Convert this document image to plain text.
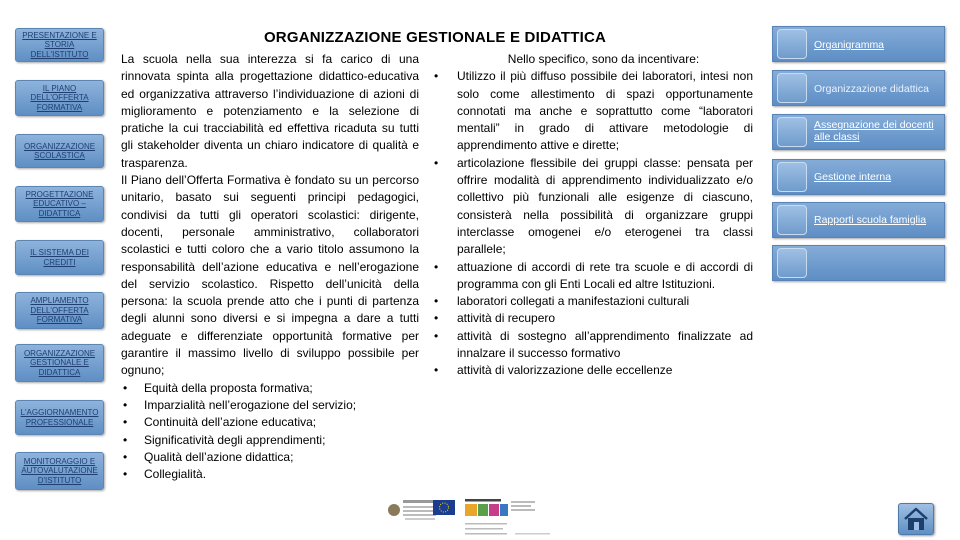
PRESENTAZIONE E STORIA DELL'ISTITUTO
IL PIANO DELL'OFFERTA FORMATIVA
ORGANIZZAZIONE SCOLASTICA
PROGETTAZIONE EDUCATIVO – DIDATTICA
IL SISTEMA DEI CREDITI
AMPLIAMENTO DELL'OFFERTA FORMATIVA
ORGANIZZAZIONE GESTIONALE E DIDATTICA
L'AGGIORNAMENTO PROFESSIONALE
MONITORAGGIO E AUTOVALUTAZIONE D'ISTITUTO
ORGANIZZAZIONE GESTIONALE E DIDATTICA

La scuola nella sua interezza si fa carico di una rinnovata spinta alla progettazione didattico-educativa ed organizzativa attraverso l’individuazione di azioni di miglioramento e potenziamento e la selezione di pratiche la cui tracciabilità ed effettiva ricaduta su tutti gli stakeholder diventa un chiaro indicatore di qualità e trasparenza.

Il Piano dell’Offerta Formativa è fondato su un percorso unitario, basato sui seguenti principi pedagogici, condivisi da tutti gli operatori scolastici: dirigente, docenti, personale amministrativo, collaboratori scolastici e tutti coloro che a vario titolo assumono la responsabilità dell’azione educativa e nell’erogazione del servizio scolastico. Rispetto dell’unicità della persona: la scuola prende atto che i punti di partenza degli alunni sono diversi e si impegna a dare a tutti adeguate e differenziate opportunità formative per garantire il massimo livello di sviluppo possibile per ognuno;

• Equità della proposta formativa;
• Imparzialità nell’erogazione del servizio;
• Continuità dell’azione educativa;
• Significatività degli apprendimenti;
• Qualità dell’azione didattica;
• Collegialità.

Nello specifico, sono da incentivare:

• Utilizzo il più diffuso possibile dei laboratori, intesi non solo come allestimento di spazi opportunamente connotati ma anche e soprattutto come “laboratori mentali” in grado di attivare metodologie di apprendimento attive e dirette;
• articolazione flessibile dei gruppi classe: pensata per offrire modalità di apprendimento individualizzato e/o collettivo più funzionali alle esigenze di ciascuno, consisterà nella possibilità di organizzare gruppi interclasse omogenei e/o eterogenei tra classi parallele;
• attuazione di accordi di rete tra scuole e di accordi di programma con gli Enti Locali ed altre Istituzioni.
• laboratori collegati a manifestazioni culturali
• attività di recupero
• attività di sostegno all’apprendimento finalizzate ad innalzare il successo formativo
• attività di valorizzazione delle eccellenze
Organigramma
Organizzazione didattica
Assegnazione dei docenti alle classi
Gestione interna
Rapporti scuola famiglia
